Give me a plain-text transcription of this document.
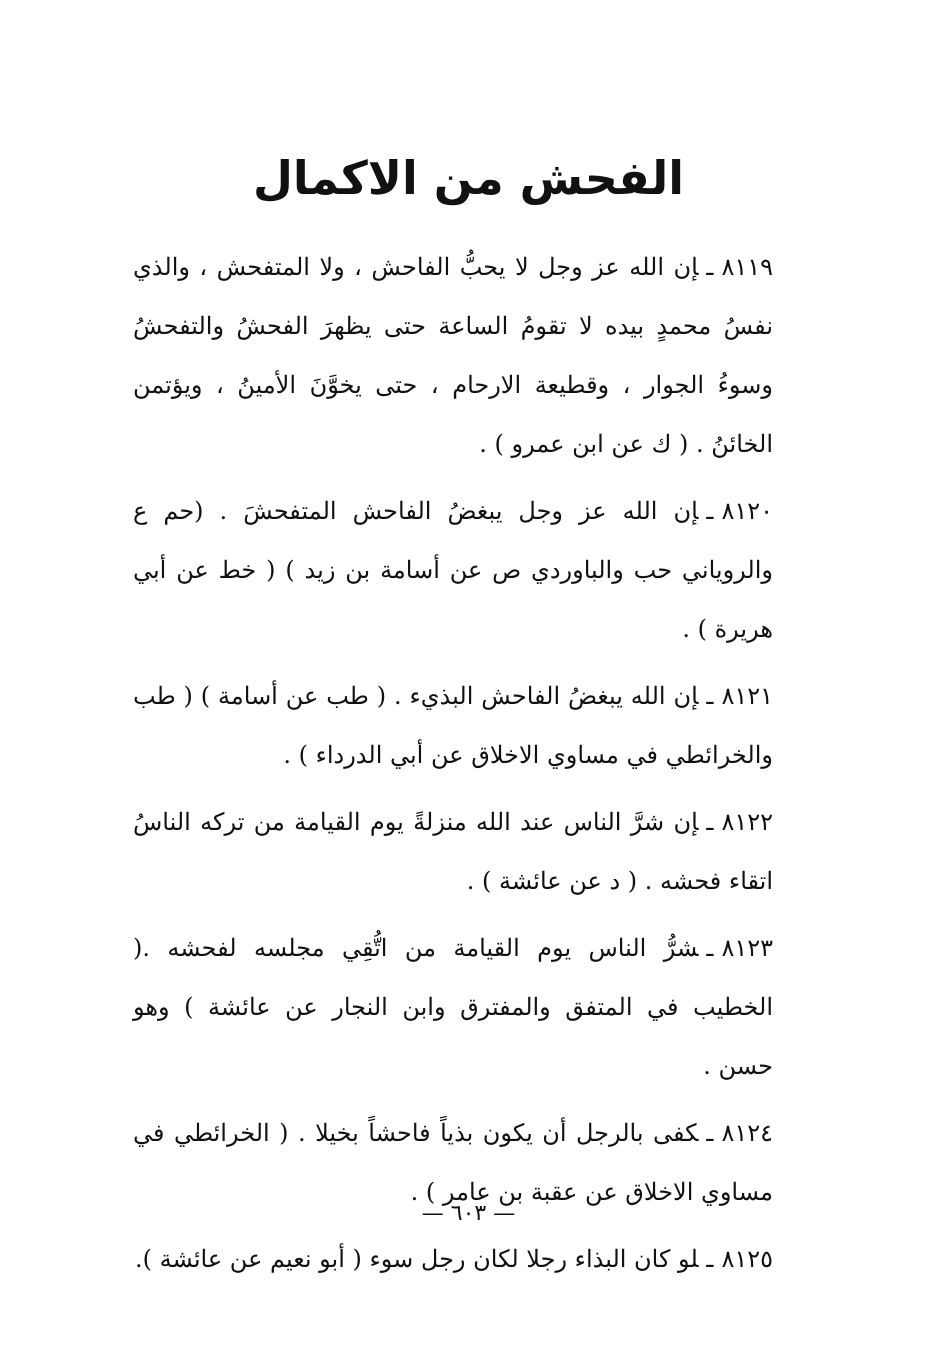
الفحش من الاكمال

٨١١٩ـإن الله عز وجل لا يحبُّ الفاحش ، ولا المتفحش ، والذي نفسُ محمدٍ بيده لا تقومُ الساعة حتى يظهرَ الفحشُ والتفحشُ وسوءُ الجوار ، وقطيعة الارحام ، حتى يخوَّنَ الأمينُ ، ويؤتمن الخائنُ . ( ك عن ابن عمرو ) .

٨١٢٠ـإن الله عز وجل يبغضُ الفاحش المتفحشَ . (حم ع والروياني حب والباوردي ص عن أسامة بن زيد ) ( خط عن أبي هريرة ) .

٨١٢١ـإن الله يبغضُ الفاحش البذيء . ( طب عن أسامة ) ( طب والخرائطي في مساوي الاخلاق عن أبي الدرداء ) .

٨١٢٢ـإن شرَّ الناس عند الله منزلةً يوم القيامة من تركه الناسُ اتقاء فحشه . ( د عن عائشة ) .

٨١٢٣ـشرُّ الناس يوم القيامة من اتُّقِي مجلسه لفحشه .( الخطيب في المتفق والمفترق وابن النجار عن عائشة ) وهو حسن .

٨١٢٤ـكفى بالرجل أن يكون بذياً فاحشاً بخيلا . ( الخرائطي في مساوي الاخلاق عن عقبة بن عامر ) .

٨١٢٥ـلو كان البذاء رجلا لكان رجل سوء ( أبو نعيم عن عائشة ).

— ٦٠٣ —
